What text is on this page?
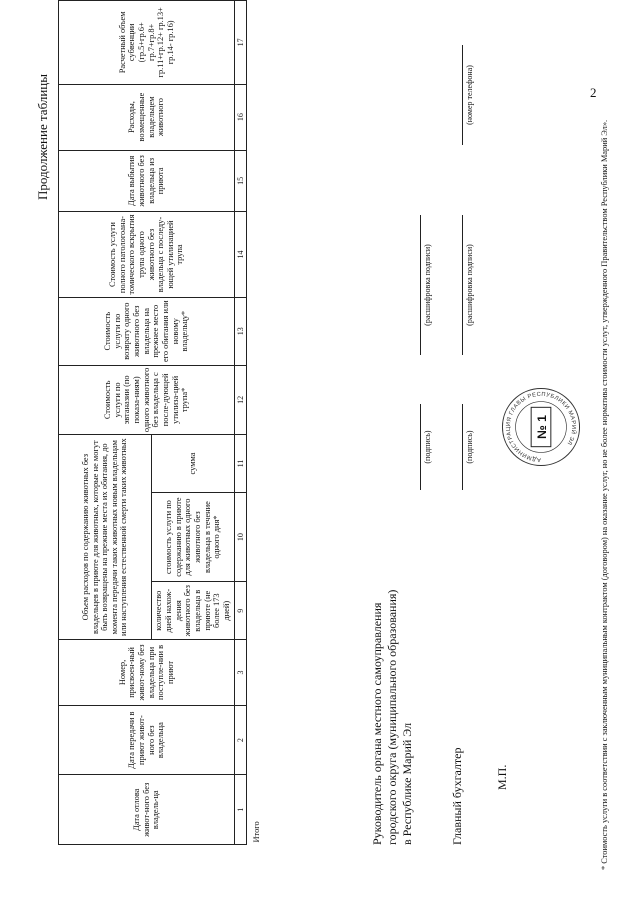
2
Продолжение таблицы
Дата отлова живот-ного без владель-ца	Дата передачи в приют живот-ного без владельца	Номер, присвоен-ный живот-ному без владельца при поступле-нии в приют	Объем расходов по содержанию животных без владельцев в приюте для животных, которые не могут быть возвращены на прежние места их обитания, до момента передачи таких животных новым владельцам или наступления естественной смерти таких животных			Стоимость услуги по эвтаназии (по показа-ниям) одного животного без владельца с после-дующей утилиза-цией трупа*	Стоимость услуги по возврату одного животного без владельца на прежнее место его обитания или новому владельцу*	Стоимость услуги полного патологоана-томического вскрытия трупа одного животного без владельца с последу-ющей утилизацией трупа	Дата выбытия животного без владельца из приюта	Расходы, возмещенные владельцем животного	Расчетный объем субвенции (гр.5+гр.6+ гр.7+гр.8+ гр.11+гр.12+ гр.13+ гр.14- гр.16)
			количество дней нахож-дения животного без владельца в приюте (не более 173 дней)	стоимость услуги по содержанию в приюте для животных одного животного без владельца в течение одного дня*	сумма						
1	2	3	9	10	11	12	13	14	15	16	17
Итого												Руководитель органа местного самоуправления городского округа (муниципального образования) в Республике Марий Эл
(подпись)
(расшифровка подписи)
Главный бухгалтер
(подпись)
(расшифровка подписи)
(номер телефона)
М.П.
АДМИНИСТРАЦИЯ ГЛАВЫ РЕСПУБЛИКИ МАРИЙ ЭЛ
№ 1	* Стоимость услуги в соответствии с заключенным муниципальным контрактом (договором) на оказание услуг, но не более норматива стоимости услут, утвержденного Правительством Республики Марий Эл».
